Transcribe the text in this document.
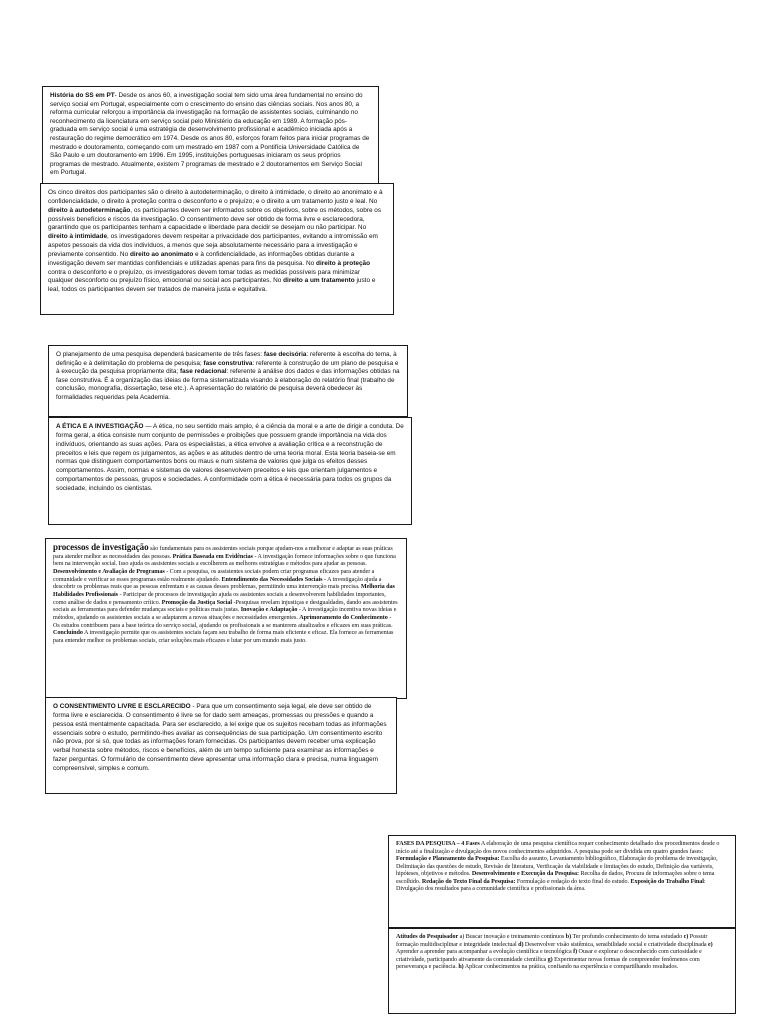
História do SS em PT- Desde os anos 60, a investigação social tem sido uma área fundamental no ensino do serviço social em Portugal, especialmente com o crescimento do ensino das ciências sociais. Nos anos 80, a reforma curricular reforçou a importância da investigação na formação de assistentes sociais, culminando no reconhecimento da licenciatura em serviço social pelo Ministério da educação em 1989. A formação pós-graduada em serviço social é uma estratégia de desenvolvimento profissional e acadêmico iniciada após a restauração do regime democrático em 1974. Desde os anos 80, esforços foram feitos para iniciar programas de mestrado e doutoramento, começando com um mestrado em 1987 com a Pontifícia Universidade Católica de São Paulo e um doutoramento em 1996. Em 1995, instituições portuguesas iniciaram os seus próprios programas de mestrado. Atualmente, existem 7 programas de mestrado e 2 doutoramentos em Serviço Social em Portugal.

Os cinco direitos dos participantes são o direito à autodeterminação, o direito à intimidade, o direito ao anonimato e à confidencialidade, o direito à proteção contra o desconforto e o prejuízo; e o direito a um tratamento justo e leal. No direito à autodeterminação, os participantes devem ser informados sobre os objetivos, sobre os métodos, sobre os possíveis benefícios e riscos da investigação. O consentimento deve ser obtido de forma livre e esclarecedora, garantindo que os participantes tenham a capacidade e liberdade para decidir se desejam ou não participar. No direito à intimidade, os investigadores devem respeitar a privacidade dos participantes, evitando a intromissão em aspetos pessoais da vida dos indivíduos, a menos que seja absolutamente necessário para a investigação e previamente consentido. No direito ao anonimato e à confidencialidade, as informações obtidas durante a investigação devem ser mantidas confidenciais e utilizadas apenas para fins da pesquisa. No direito à proteção contra o desconforto e o prejuízo, os investigadores devem tomar todas as medidas possíveis para minimizar qualquer desconforto ou prejuízo físico, emocional ou social aos participantes. No direito a um tratamento justo e leal, todos os participantes devem ser tratados de maneira justa e equitativa.

O planejamento de uma pesquisa dependerá basicamente de três fases: fase decisória: referente à escolha do tema, à definição e à delimitação do problema de pesquisa; fase construtiva: referente à construção de um plano de pesquisa e à execução da pesquisa propriamente dita; fase redacional: referente à análise dos dados e das informações obtidas na fase construtiva. É a organização das ideias de forma sistematizada visando à elaboração do relatório final (trabalho de conclusão, monografia, dissertação, tese etc.). A apresentação do relatório de pesquisa deverá obedecer às formalidades requeridas pela Academia.

A ÉTICA E A INVESTIGAÇÃO — A ética, no seu sentido mais amplo, é a ciência da moral e a arte de dirigir a conduta. De forma geral, a ética consiste num conjunto de permissões e proibições que possuem grande importância na vida dos indivíduos, orientando as suas ações. Para os especialistas, a ética envolve a avaliação crítica e a reconstrução de preceitos e leis que regem os julgamentos, as ações e as atitudes dentro de uma teoria moral. Esta teoria baseia-se em normas que distinguem comportamentos bons ou maus e num sistema de valores que julga os efeitos desses comportamentos. Assim, normas e sistemas de valores desenvolvem preceitos e leis que orientam julgamentos e comportamentos de pessoas, grupos e sociedades. A conformidade com a ética é necessária para todos os grupos da sociedade, incluindo os cientistas.

processos de investigação são fundamentais para os assistentes sociais porque ajudam-nos a melhorar e adaptar as suas práticas para atender melhor as necessidades das pessoas. Prática Baseada em Evidências - A investigação fornece informações sobre o que funciona bem na intervenção social. Isso ajuda os assistentes sociais a escolherem as melhores estratégias e métodos para ajudar as pessoas. Desenvolvimento e Avaliação de Programas - Com a pesquisa, os assistentes sociais podem criar programas eficazes para atender a comunidade e verificar se esses programas estão realmente ajudando. Entendimento das Necessidades Sociais - A investigação ajuda a descobrir os problemas reais que as pessoas enfrentam e as causas desses problemas, permitindo uma intervenção mais precisa. Melhoria das Habilidades Profissionais - Participar de processos de investigação ajuda os assistentes sociais a desenvolverem habilidades importantes, como análise de dados e pensamento crítico. Promoção da Justiça Social -Pesquisas revelam injustiças e desigualdades, dando aos assistentes sociais as ferramentas para defender mudanças sociais e políticas mais justas. Inovação e Adaptação - A investigação incentiva novas ideias e métodos, ajudando os assistentes sociais a se adaptarem a novas situações e necessidades emergentes. Aprimoramento do Conhecimento - Os estudos contribuem para a base teórica do serviço social, ajudando os profissionais a se manterem atualizados e eficazes em suas práticas. Concluindo A investigação permite que os assistentes sociais façam seu trabalho de forma mais eficiente e eficaz. Ela fornece as ferramentas para entender melhor os problemas sociais, criar soluções mais eficazes e lutar por um mundo mais justo.

O CONSENTIMENTO LIVRE E ESCLARECIDO - Para que um consentimento seja legal, ele deve ser obtido de forma livre e esclarecida. O consentimento é livre se for dado sem ameaças, promessas ou pressões e quando a pessoa está mentalmente capacitada. Para ser esclarecido, a lei exige que os sujeitos recebam todas as informações essenciais sobre o estudo, permitindo-lhes avaliar as consequências de sua participação. Um consentimento escrito não prova, por si só, que todas as informações foram fornecidas. Os participantes devem receber uma explicação verbal honesta sobre métodos, riscos e benefícios, além de um tempo suficiente para examinar as informações e fazer perguntas. O formulário de consentimento deve apresentar uma informação clara e precisa, numa linguagem compreensível, simples e comum.

FASES DA PESQUISA – 4 Fases A elaboração de uma pesquisa científica requer conhecimento detalhado dos procedimentos desde o início até a finalização e divulgação dos novos conhecimentos adquiridos. A pesquisa pode ser dividida em quatro grandes fases: Formulação e Planeamento da Pesquisa: Escolha do assunto, Levantamento bibliográfico, Elaboração do problema de investigação, Delimitação das questões de estudo, Revisão de literatura, Verificação da viabilidade e limitações do estudo, Definição das variáveis, hipóteses, objetivos e métodos. Desenvolvimento e Execução da Pesquisa: Recolha de dados, Procura de informações sobre o tema escolhido. Redação do Texto Final da Pesquisa: Formulação e redação do texto final do estudo. Exposição do Trabalho Final: Divulgação dos resultados para a comunidade científica e profissionais da área.

Atitudes do Pesquisador a) Buscar inovação e treinamento contínuos b) Ter profundo conhecimento do tema estudado c) Possuir formação multidisciplinar e integridade intelectual d) Desenvolver visão sistêmica, sensibilidade social e criatividade disciplinada e) Aprender a aprender para acompanhar a evolução científica e tecnológica f) Ousar e explorar o desconhecido com curiosidade e criatividade, participando ativamente da comunidade científica g) Experimentar novas formas de compreender fenômenos com perseverança e paciência. h) Aplicar conhecimentos na prática, confiando na experiência e compartilhando resultados.
